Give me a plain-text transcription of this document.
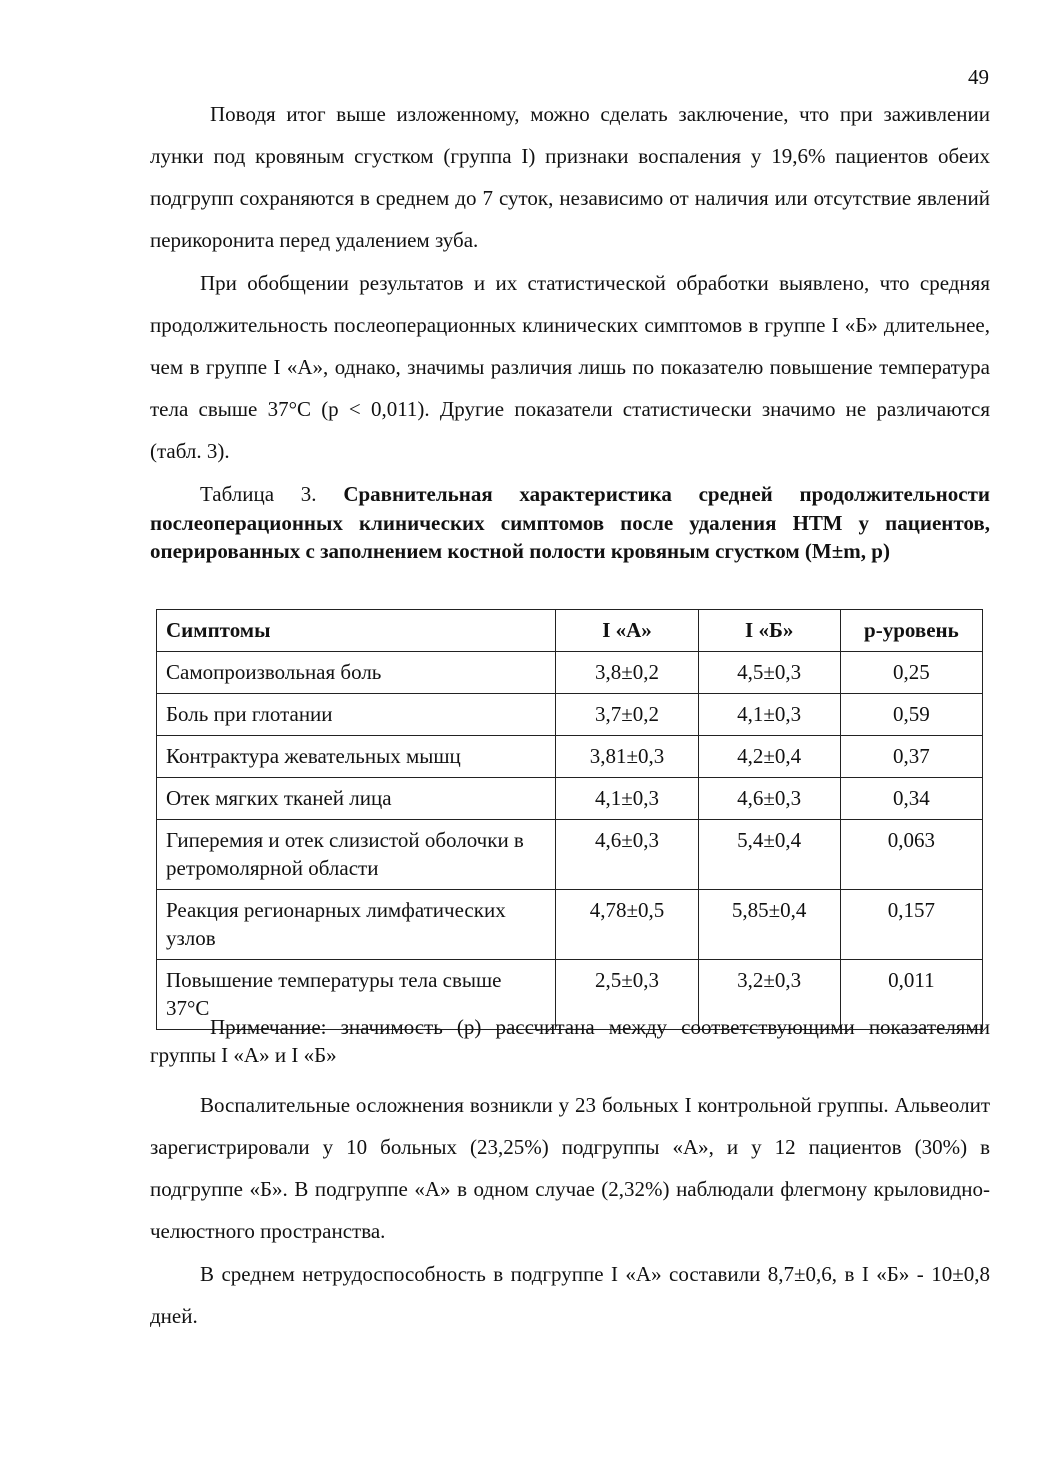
49

Поводя итог выше изложенному, можно сделать заключение, что при заживлении лунки под кровяным сгустком (группа I) признаки воспаления у 19,6% пациентов обеих подгрупп сохраняются в среднем до 7 суток, независимо от наличия или отсутствие явлений перикоронита перед удалением зуба.

При обобщении результатов и их статистической обработки выявлено, что средняя продолжительность послеоперационных клинических симптомов в группе I «Б» длительнее, чем в группе I «А», однако, значимы различия лишь по показателю повышение температура тела свыше 37°С (p < 0,011). Другие показатели статистически значимо не различаются (табл. 3).

Таблица 3. Сравнительная характеристика средней продолжительности послеоперационных клинических симптомов после удаления НТМ у пациентов, оперированных с заполнением костной полости кровяным сгустком (M±m, p)

Симптомы	I «А»	I «Б»	р-уровень
Самопроизвольная боль	3,8±0,2	4,5±0,3	0,25
Боль при глотании	3,7±0,2	4,1±0,3	0,59
Контрактура жевательных мышц	3,81±0,3	4,2±0,4	0,37
Отек мягких тканей лица	4,1±0,3	4,6±0,3	0,34
Гиперемия и отек слизистой оболочки в ретромолярной области	4,6±0,3	5,4±0,4	0,063
Реакция регионарных лимфатических узлов	4,78±0,5	5,85±0,4	0,157
Повышение температуры тела свыше 37°С	2,5±0,3	3,2±0,3	0,011

Примечание: значимость (р) рассчитана между соответствующими показателями группы I «А» и I «Б»

Воспалительные осложнения возникли у 23 больных I контрольной группы. Альвеолит зарегистрировали у 10 больных (23,25%) подгруппы «А», и у 12 пациентов (30%) в подгруппе «Б». В подгруппе «А» в одном случае (2,32%) наблюдали флегмону крыловидно-челюстного пространства.

В среднем нетрудоспособность в подгруппе I «А» составили 8,7±0,6, в I «Б» - 10±0,8 дней.
